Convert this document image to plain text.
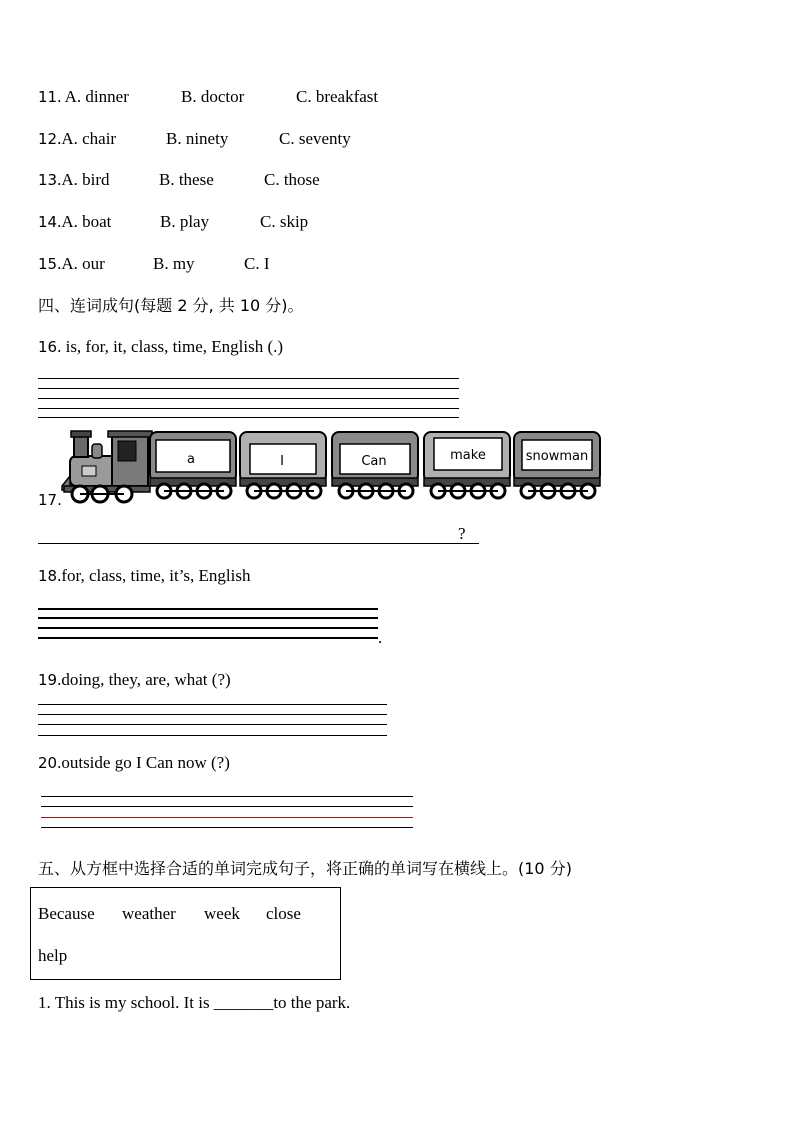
11. A. dinner	B. doctor	C. breakfast
12.A. chair	B. ninety	C. seventy
13.A. bird	B. these	C. those
14.A. boat	B. play	C. skip
15.A. our	B. my	C. I
四、连词成句(每题 2 分, 共 10 分)。
16. is, for, it, class, time, English (.)
17.
a	I	Can	make	snowman
?
18.for, class, time, it’s, English
.
19.doing, they, are, what (?)
20.outside go I Can now (?)
五、从方框中选择合适的单词完成句子，将正确的单词写在横线上。(10 分)
Because weather week close
help
1. This is my school. It is _______to the park.
